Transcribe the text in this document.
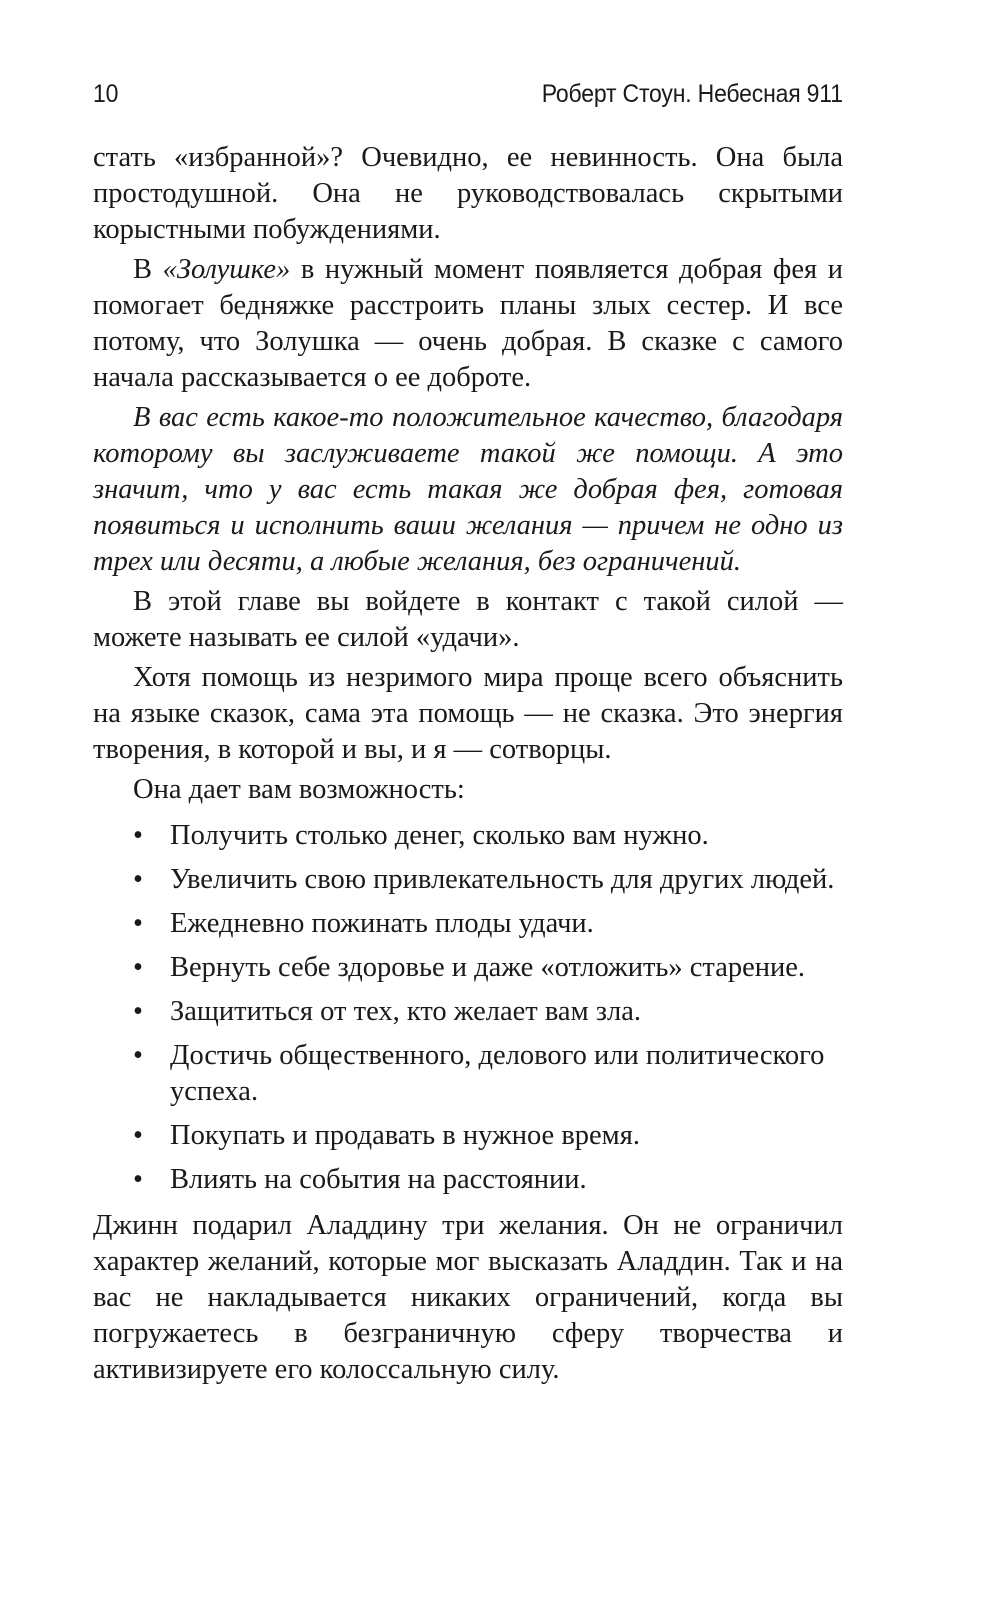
10	Роберт Стоун. Небесная 911

стать «избранной»? Очевидно, ее невинность. Она была простодушной. Она не руководствовалась скрытыми корыстными побуждениями.

В «Золушке» в нужный момент появляется добрая фея и помогает бедняжке расстроить планы злых сестер. И все потому, что Золушка — очень добрая. В сказке с самого начала рассказывается о ее доброте.

В вас есть какое-то положительное качество, благодаря которому вы заслуживаете такой же помощи. А это значит, что у вас есть такая же добрая фея, готовая появиться и исполнить ваши желания — причем не одно из трех или десяти, а любые желания, без ограничений.

В этой главе вы войдете в контакт с такой силой — можете называть ее силой «удачи».

Хотя помощь из незримого мира проще всего объяснить на языке сказок, сама эта помощь — не сказка. Это энергия творения, в которой и вы, и я — сотворцы.

Она дает вам возможность:

• Получить столько денег, сколько вам нужно.
• Увеличить свою привлекательность для других людей.
• Ежедневно пожинать плоды удачи.
• Вернуть себе здоровье и даже «отложить» старение.
• Защититься от тех, кто желает вам зла.
• Достичь общественного, делового или политического успеха.
• Покупать и продавать в нужное время.
• Влиять на события на расстоянии.

Джинн подарил Аладдину три желания. Он не ограничил характер желаний, которые мог высказать Аладдин. Так и на вас не накладывается никаких ограничений, когда вы погружаетесь в безграничную сферу творчества и активизируете его колоссальную силу.
